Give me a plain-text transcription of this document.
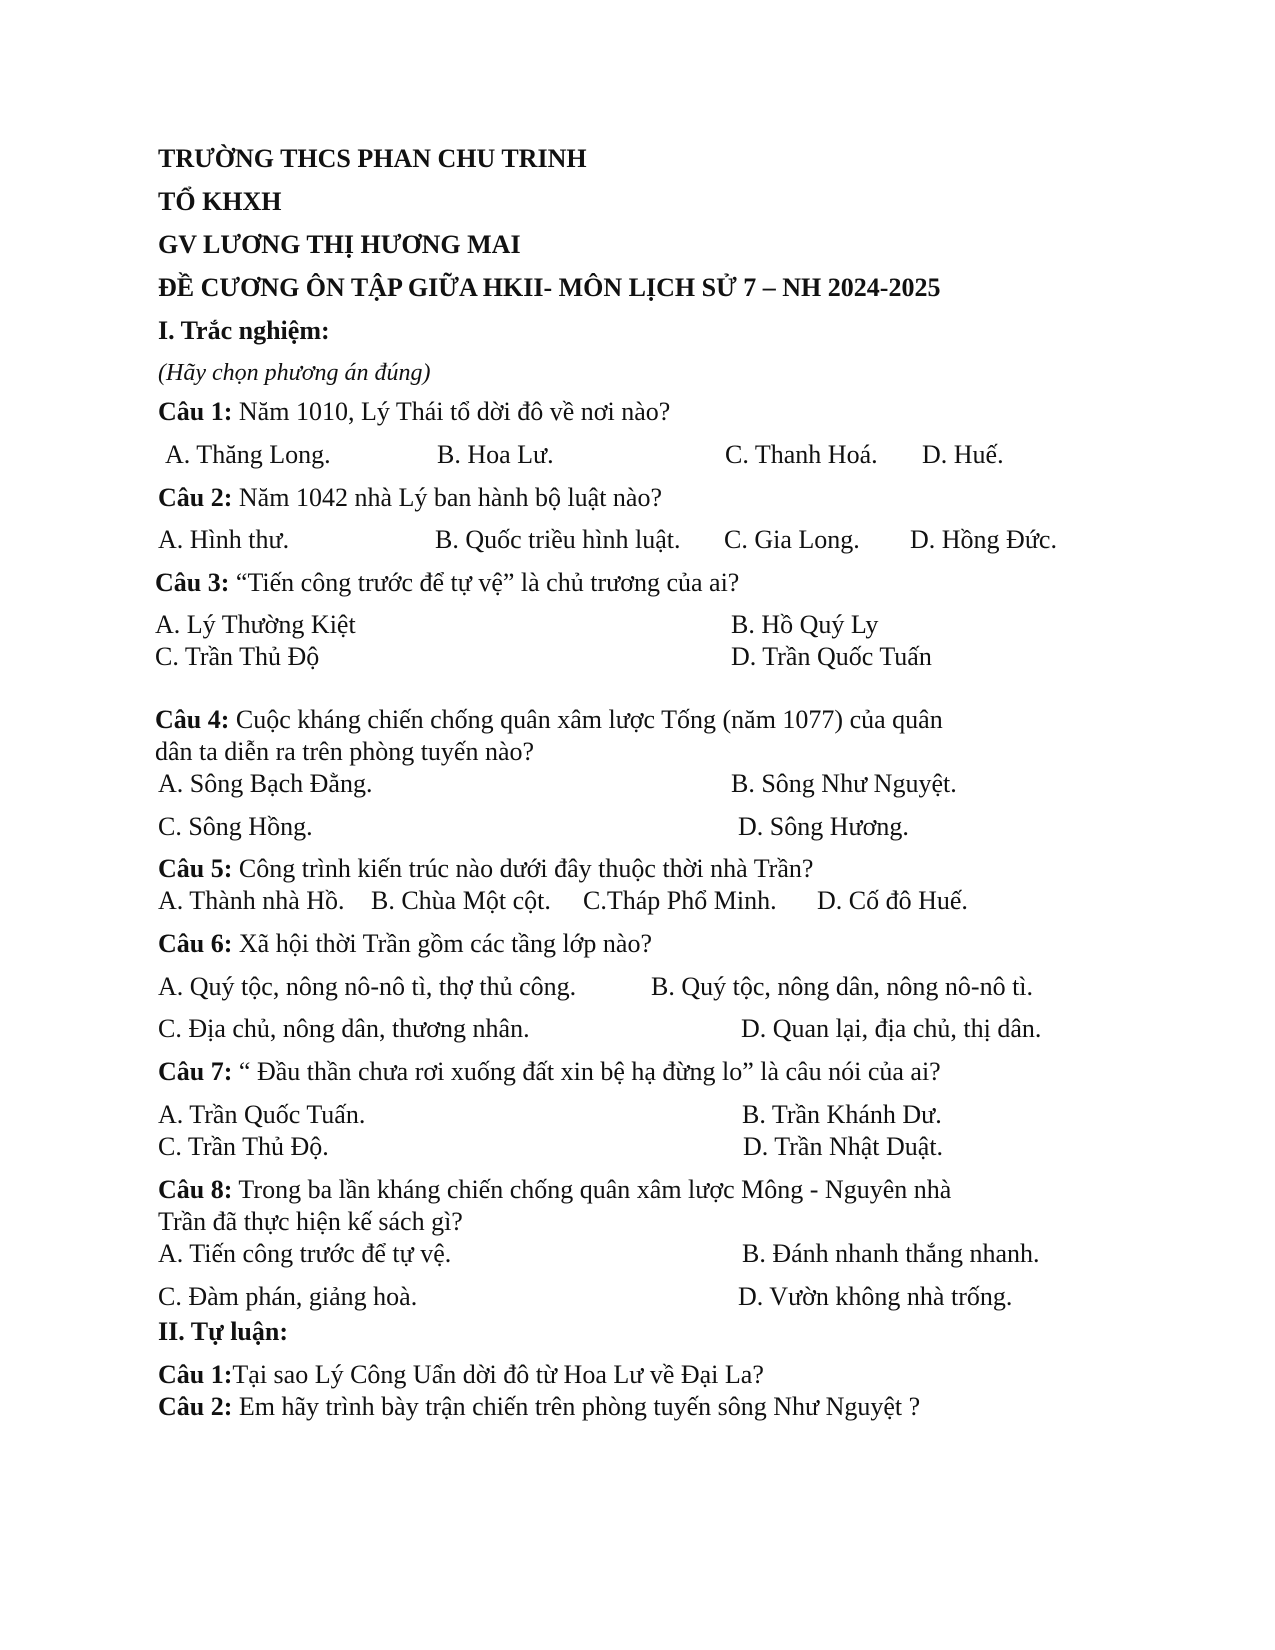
TRƯỜNG THCS PHAN CHU TRINH
TỔ KHXH
GV LƯƠNG THỊ HƯƠNG MAI
ĐỀ CƯƠNG ÔN TẬP GIỮA HKII- MÔN LỊCH SỬ 7 – NH 2024-2025
I. Trắc nghiệm:
(Hãy chọn phương án đúng)
Câu 1: Năm 1010, Lý Thái tổ dời đô về nơi nào?
A. Thăng Long.	B. Hoa Lư.	C. Thanh Hoá. D. Huế.
Câu 2: Năm 1042 nhà Lý ban hành bộ luật nào?
A. Hình thư.	B. Quốc triều hình luật. C. Gia Long. D. Hồng Đức.
Câu 3: “Tiến công trước để tự vệ” là chủ trương của ai?
A. Lý Thường Kiệt	B. Hồ Quý Ly
C. Trần Thủ Độ	D. Trần Quốc Tuấn
Câu 4: Cuộc kháng chiến chống quân xâm lược Tống (năm 1077) của quân
dân ta diễn ra trên phòng tuyến nào?
A. Sông Bạch Đằng.	B. Sông Như Nguyệt.
C. Sông Hồng.	D. Sông Hương.
Câu 5: Công trình kiến trúc nào dưới đây thuộc thời nhà Trần?
A. Thành nhà Hồ. B. Chùa Một cột. C.Tháp Phổ Minh. D. Cố đô Huế.
Câu 6: Xã hội thời Trần gồm các tầng lớp nào?
A. Quý tộc, nông nô-nô tì, thợ thủ công.	B. Quý tộc, nông dân, nông nô-nô tì.
C. Địa chủ, nông dân, thương nhân.	D. Quan lại, địa chủ, thị dân.
Câu 7: “ Đầu thần chưa rơi xuống đất xin bệ hạ đừng lo” là câu nói của ai?
A. Trần Quốc Tuấn.	B. Trần Khánh Dư.
C. Trần Thủ Độ.	D. Trần Nhật Duật.
Câu 8: Trong ba lần kháng chiến chống quân xâm lược Mông - Nguyên nhà
Trần đã thực hiện kế sách gì?
A. Tiến công trước để tự vệ.	B. Đánh nhanh thắng nhanh.
C. Đàm phán, giảng hoà.	D. Vườn không nhà trống.
II. Tự luận:
Câu 1:Tại sao Lý Công Uẩn dời đô từ Hoa Lư về Đại La?
Câu 2: Em hãy trình bày trận chiến trên phòng tuyến sông Như Nguyệt ?
